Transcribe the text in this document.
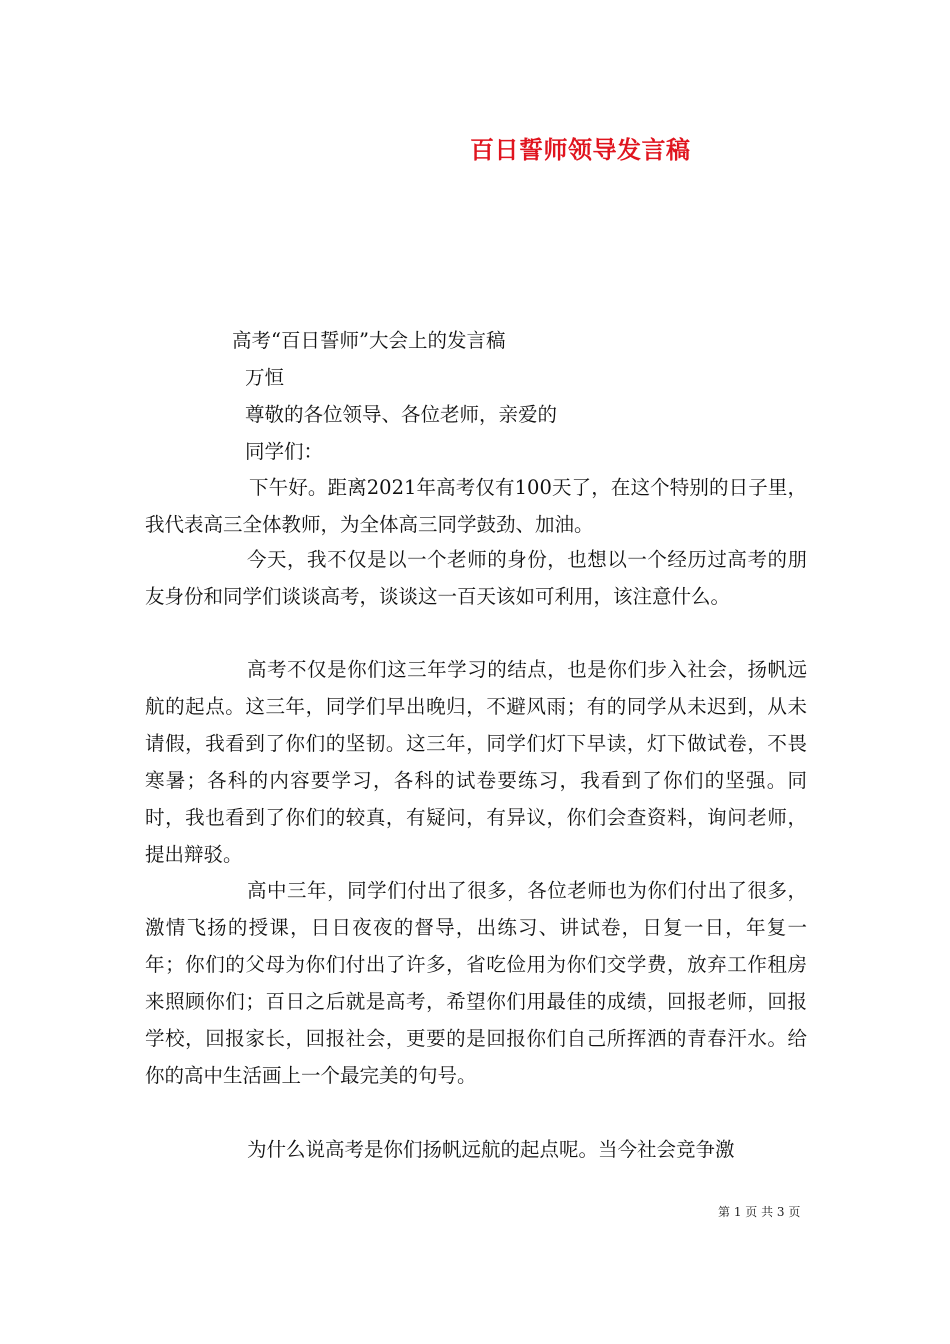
百日誓师领导发言稿
高考“百日誓师”大会上的发言稿
万恒
尊敬的各位领导、各位老师，亲爱的
同学们：
下午好。距离2021年高考仅有100天了，在这个特别的日子里，我代表高三全体教师，为全体高三同学鼓劲、加油。
今天，我不仅是以一个老师的身份，也想以一个经历过高考的朋友身份和同学们谈谈高考，谈谈这一百天该如可利用，该注意什么。
高考不仅是你们这三年学习的结点，也是你们步入社会，扬帆远航的起点。这三年，同学们早出晚归，不避风雨；有的同学从未迟到，从未请假，我看到了你们的坚韧。这三年，同学们灯下早读，灯下做试卷，不畏寒暑；各科的内容要学习，各科的试卷要练习，我看到了你们的坚强。同时，我也看到了你们的较真，有疑问，有异议，你们会查资料，询问老师，提出辩驳。
高中三年，同学们付出了很多，各位老师也为你们付出了很多，激情飞扬的授课，日日夜夜的督导，出练习、讲试卷，日复一日，年复一年；你们的父母为你们付出了许多，省吃俭用为你们交学费，放弃工作租房来照顾你们；百日之后就是高考，希望你们用最佳的成绩，回报老师，回报学校，回报家长，回报社会，更要的是回报你们自己所挥洒的青春汗水。给你的高中生活画上一个最完美的句号。
为什么说高考是你们扬帆远航的起点呢。当今社会竞争激
第 1 页 共 3 页
